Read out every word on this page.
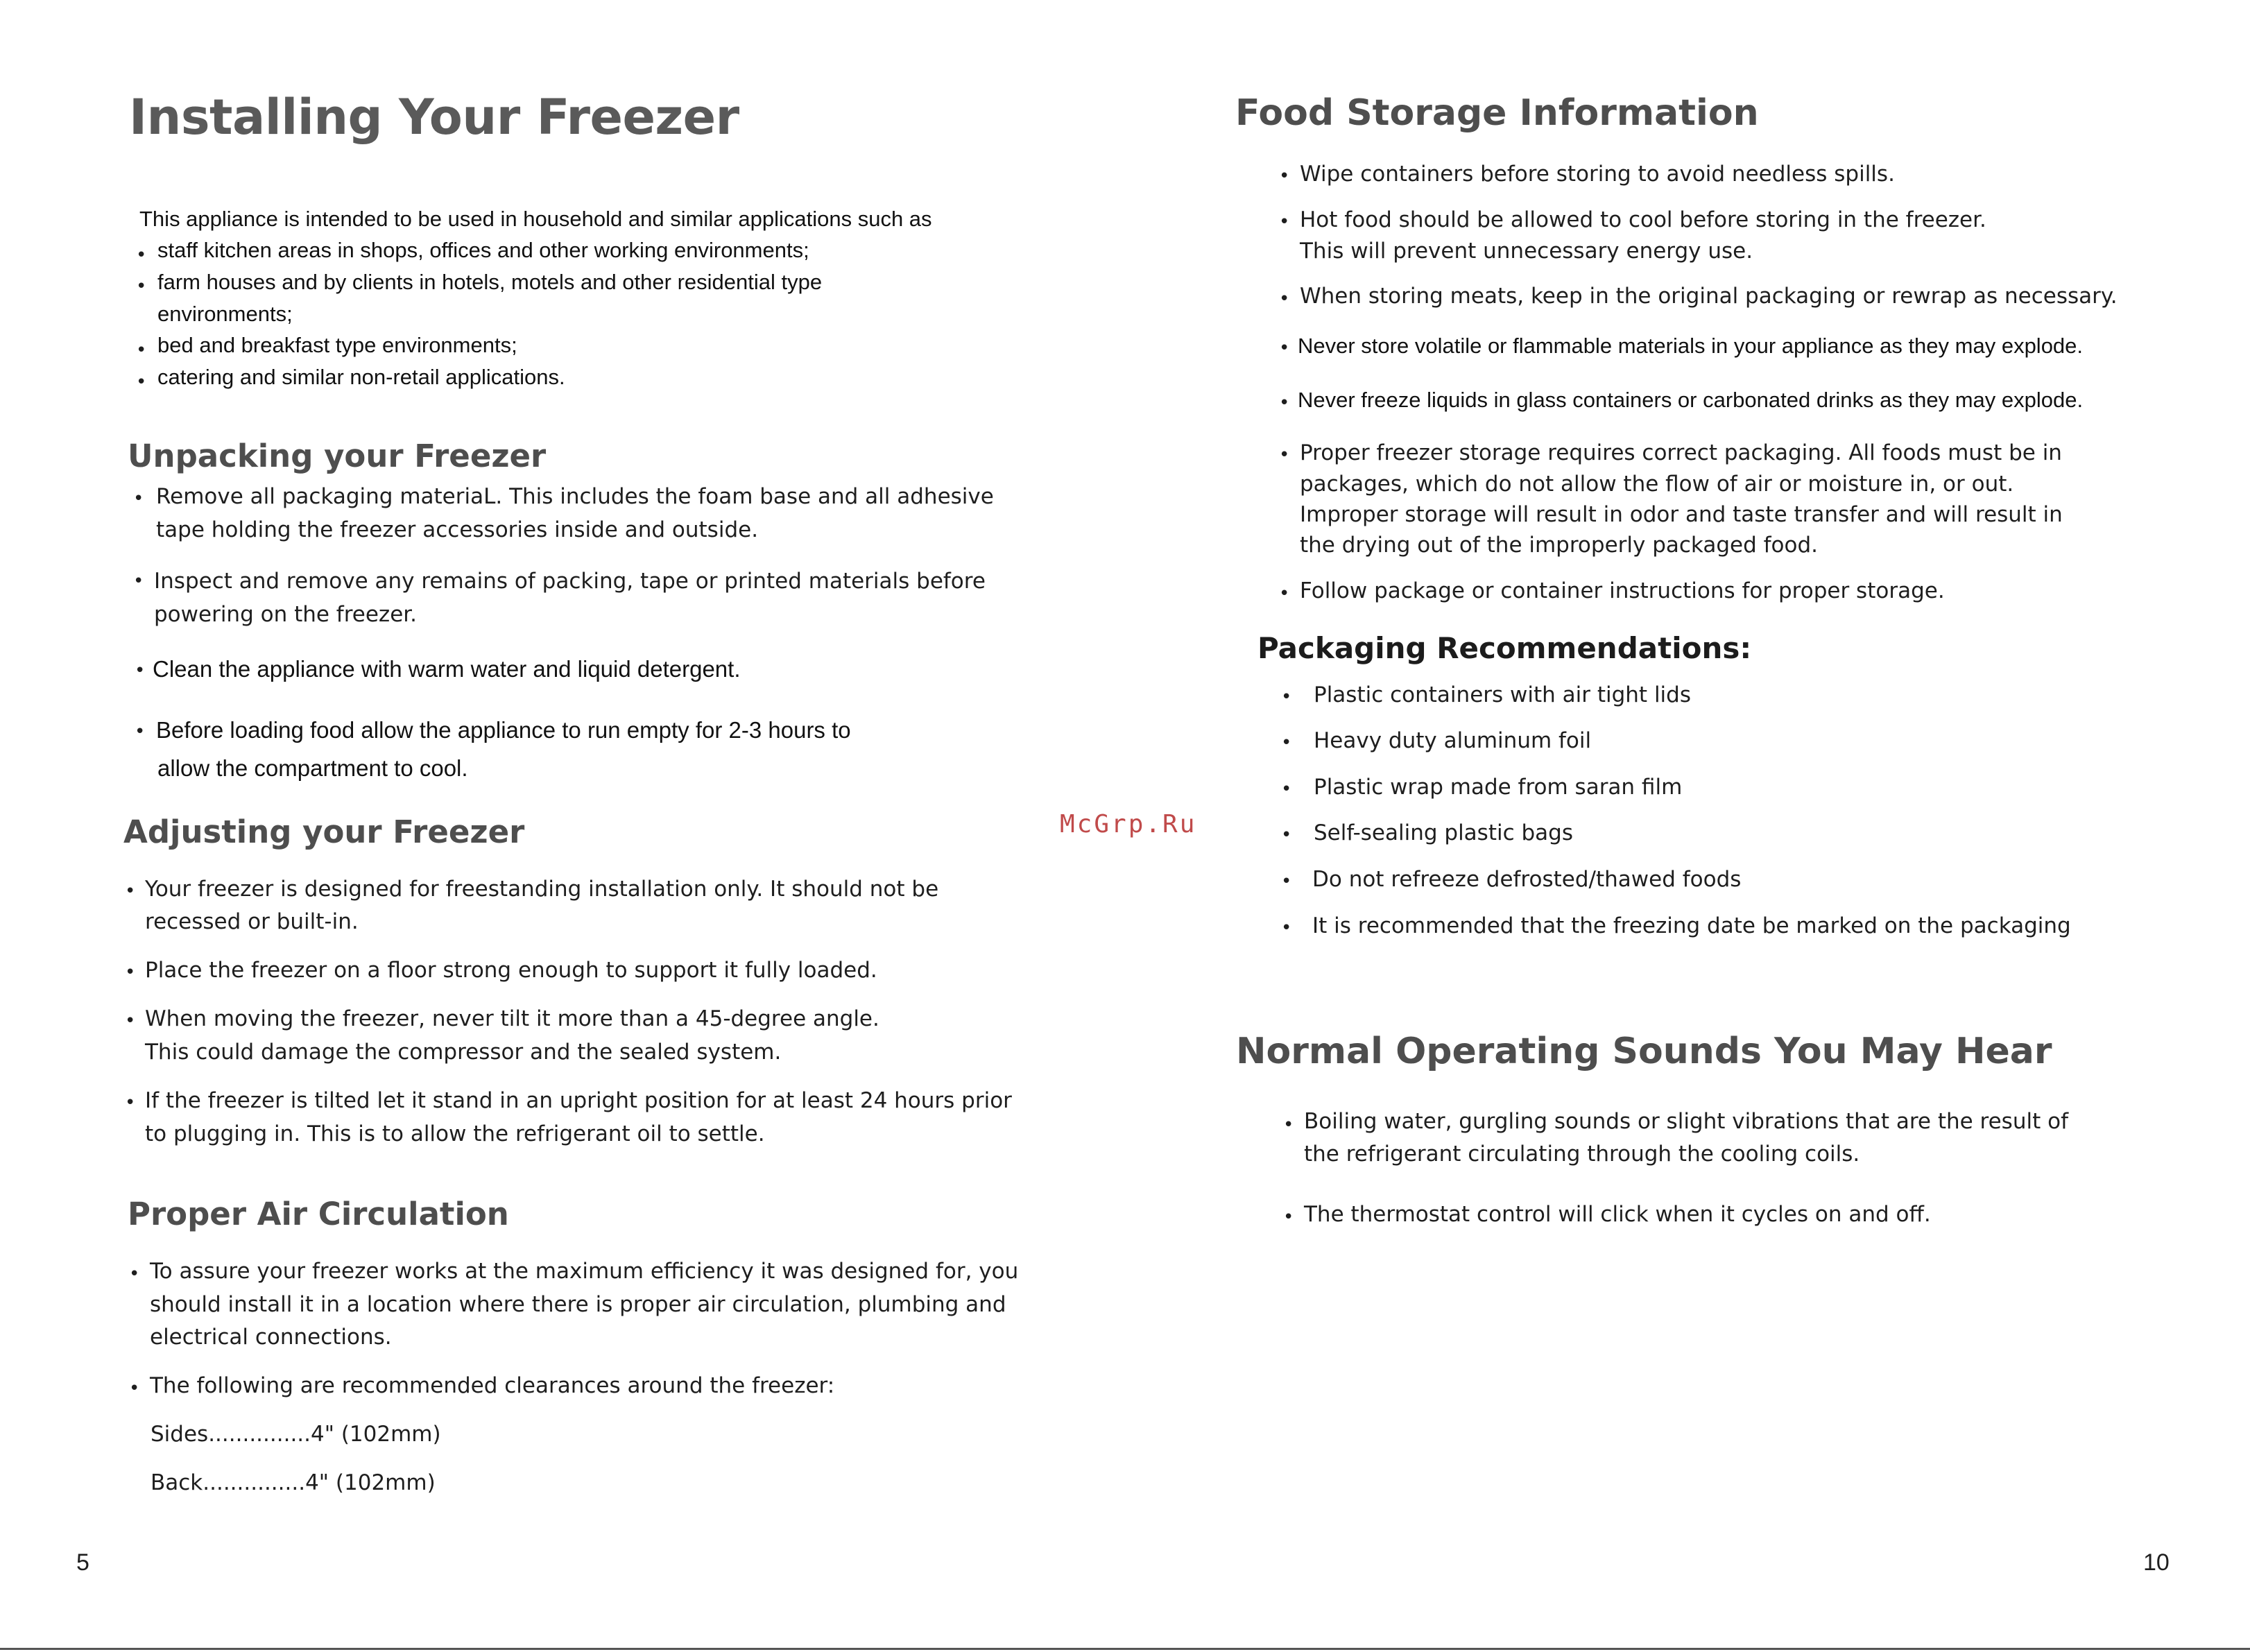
Installing Your Freezer
This appliance is intended to be used in household and similar applications such as
• staff kitchen areas in shops, offices and other working environments;
• farm houses and by clients in hotels, motels and other residential type
environments;
• bed and breakfast type environments;
• catering and similar non-retail applications.
Unpacking your Freezer
• Remove all packaging materiaL. This includes the foam base and all adhesive
tape holding the freezer accessories inside and outside.
• Inspect and remove any remains of packing, tape or printed materials before
powering on the freezer.
• Clean the appliance with warm water and liquid detergent.
• Before loading food allow the appliance to run empty for 2-3 hours to
allow the compartment to cool.
Adjusting your Freezer
• Your freezer is designed for freestanding installation only. It should not be
recessed or built-in.
• Place the freezer on a floor strong enough to support it fully loaded.
• When moving the freezer, never tilt it more than a 45-degree angle.
This could damage the compressor and the sealed system.
• If the freezer is tilted let it stand in an upright position for at least 24 hours prior
to plugging in. This is to allow the refrigerant oil to settle.
Proper Air Circulation
• To assure your freezer works at the maximum efficiency it was designed for, you
should install it in a location where there is proper air circulation, plumbing and
electrical connections.
• The following are recommended clearances around the freezer:
Sides...............4" (102mm)
Back...............4" (102mm)
5
McGrp.Ru
Food Storage Information
• Wipe containers before storing to avoid needless spills.
• Hot food should be allowed to cool before storing in the freezer.
This will prevent unnecessary energy use.
• When storing meats, keep in the original packaging or rewrap as necessary.
• Never store volatile or flammable materials in your appliance as they may explode.
• Never freeze liquids in glass containers or carbonated drinks as they may explode.
• Proper freezer storage requires correct packaging. All foods must be in
packages, which do not allow the flow of air or moisture in, or out.
Improper storage will result in odor and taste transfer and will result in
the drying out of the improperly packaged food.
• Follow package or container instructions for proper storage.
Packaging Recommendations:
• Plastic containers with air tight lids
• Heavy duty aluminum foil
• Plastic wrap made from saran film
• Self-sealing plastic bags
• Do not refreeze defrosted/thawed foods
• It is recommended that the freezing date be marked on the packaging
Normal Operating Sounds You May Hear
• Boiling water, gurgling sounds or slight vibrations that are the result of
the refrigerant circulating through the cooling coils.
• The thermostat control will click when it cycles on and off.
10
